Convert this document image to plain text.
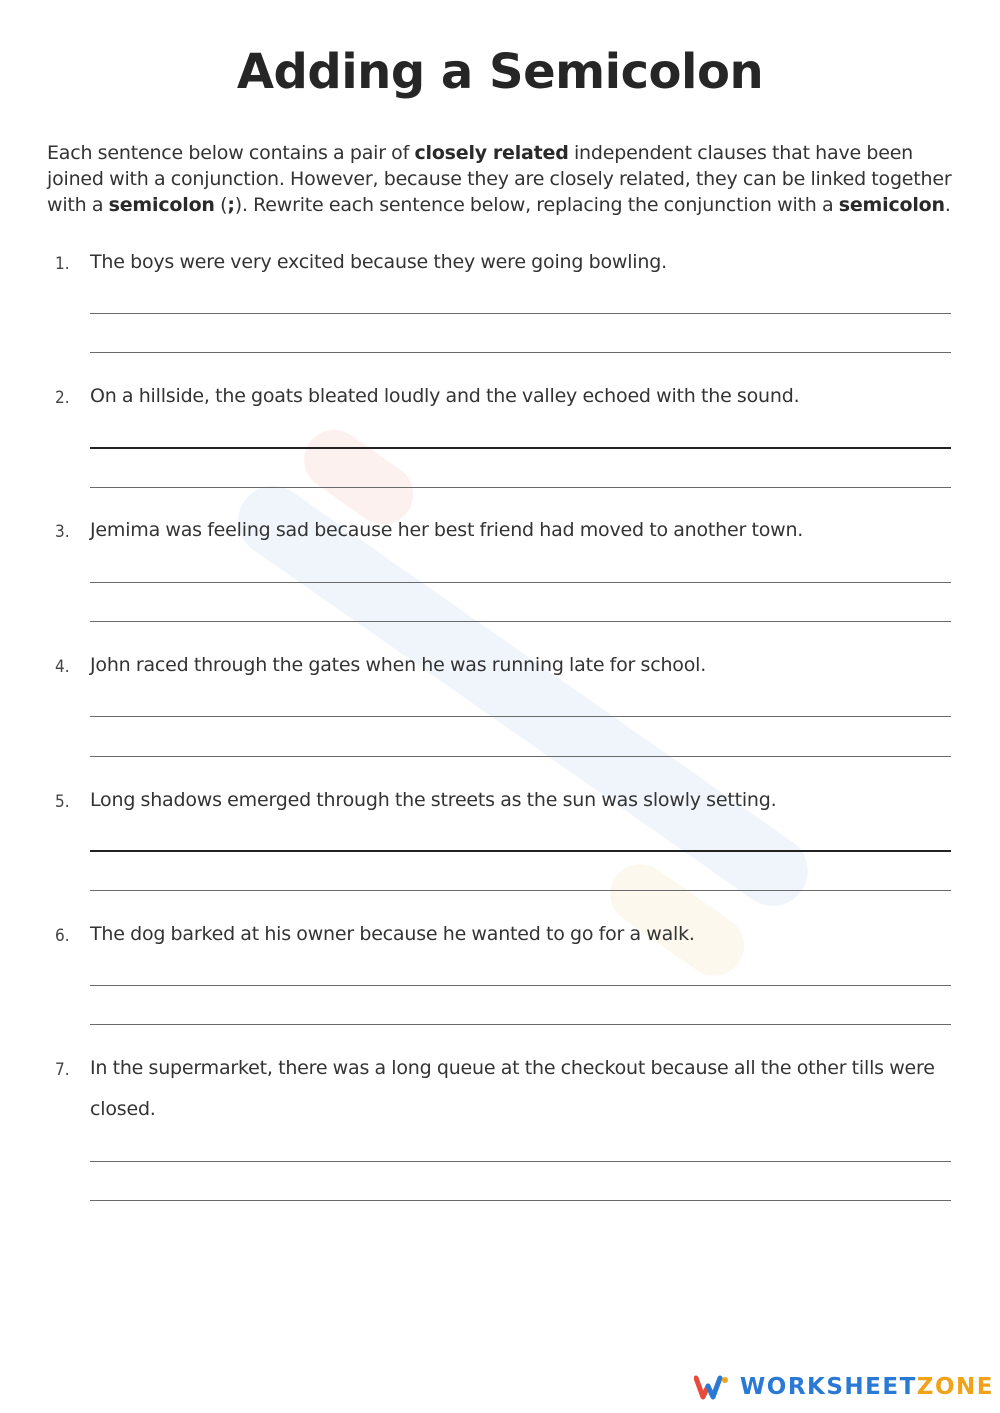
Adding a Semicolon
Each sentence below contains a pair of closely related independent clauses that have been joined with a conjunction. However, because they are closely related, they can be linked together with a semicolon (;). Rewrite each sentence below, replacing the conjunction with a semicolon.
1. The boys were very excited because they were going bowling.
2. On a hillside, the goats bleated loudly and the valley echoed with the sound.
3. Jemima was feeling sad because her best friend had moved to another town.
4. John raced through the gates when he was running late for school.
5. Long shadows emerged through the streets as the sun was slowly setting.
6. The dog barked at his owner because he wanted to go for a walk.
7. In the supermarket, there was a long queue at the checkout because all the other tills were closed.
WORKSHEETZONE
